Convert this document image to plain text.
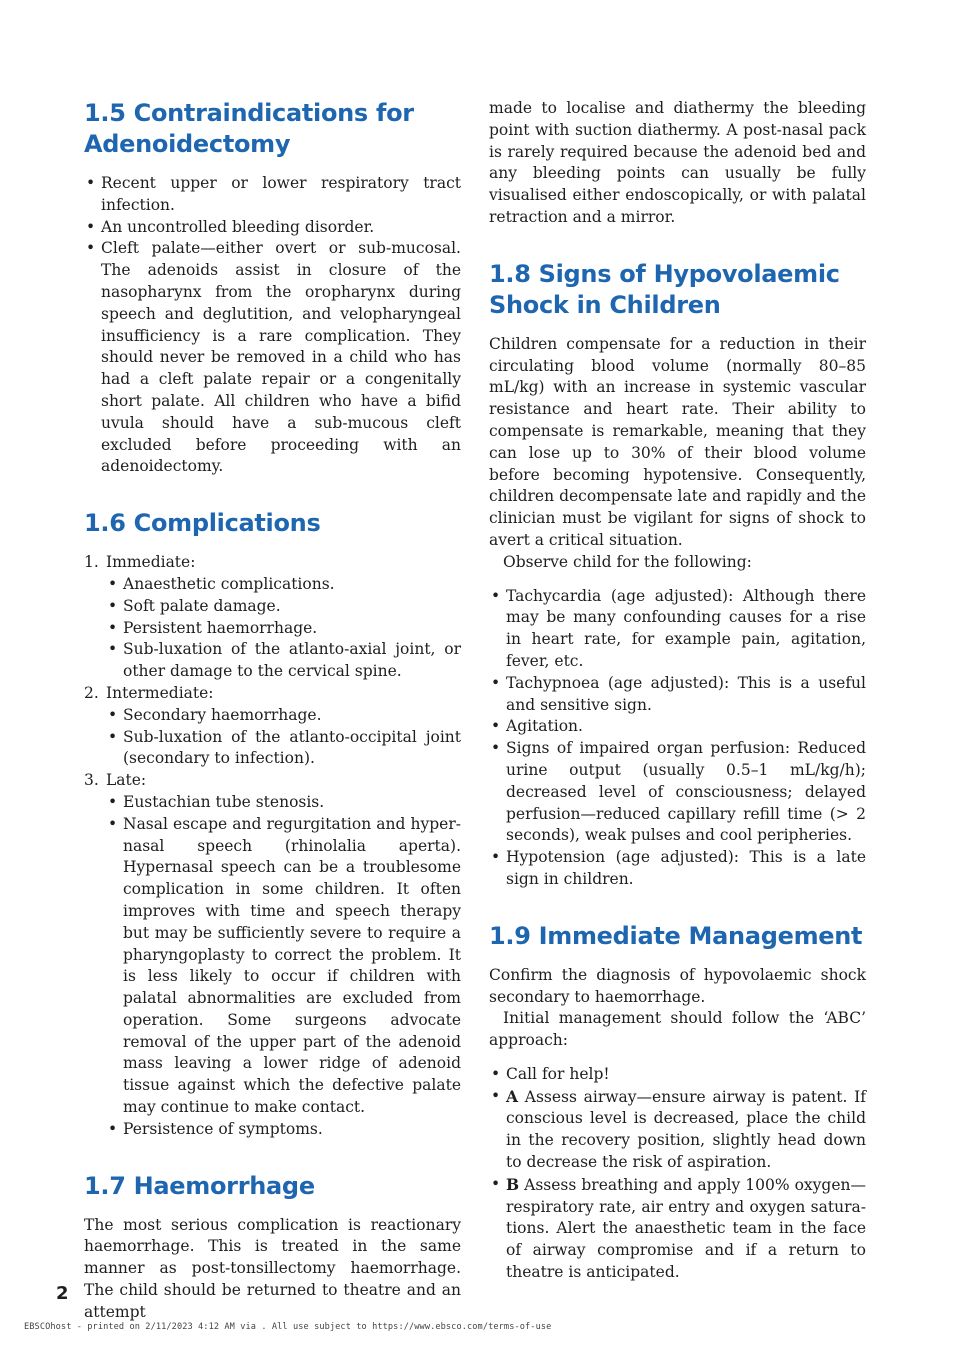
1.5 Contraindications for Adenoidectomy
• Recent upper or lower respiratory tract infection.
• An uncontrolled bleeding disorder.
• Cleft palate—either overt or sub-mucosal. The adenoids assist in closure of the nasopharynx from the oropharynx during speech and deglutition, and velopharyngeal insufficiency is a rare complication. They should never be removed in a child who has had a cleft palate repair or a congenitally short palate. All children who have a bifid uvula should have a sub-mucous cleft excluded before proceeding with an adenoidectomy.
1.6 Complications
1. Immediate:
• Anaesthetic complications.
• Soft palate damage.
• Persistent haemorrhage.
• Sub-luxation of the atlanto-axial joint, or other damage to the cervical spine.
2. Intermediate:
• Secondary haemorrhage.
• Sub-luxation of the atlanto-occipital joint (secondary to infection).
3. Late:
• Eustachian tube stenosis.
• Nasal escape and regurgitation and hypernasal speech (rhinolalia aperta). Hypernasal speech can be a troublesome complication in some children. It often improves with time and speech therapy but may be sufficiently severe to require a pharyngoplasty to correct the problem. It is less likely to occur if children with palatal abnormalities are excluded from operation. Some surgeons advocate removal of the upper part of the adenoid mass leaving a lower ridge of adenoid tissue against which the defective palate may continue to make contact.
• Persistence of symptoms.
1.7 Haemorrhage

The most serious complication is reactionary haemorrhage. This is treated in the same manner as post-tonsillectomy haemorrhage. The child should be returned to theatre and an attempt

made to localise and diathermy the bleeding point with suction diathermy. A post-nasal pack is rarely required because the adenoid bed and any bleeding points can usually be fully visualised either endoscopically, or with palatal retraction and a mirror.

1.8 Signs of Hypovolaemic Shock in Children

Children compensate for a reduction in their circulating blood volume (normally 80–85 mL/kg) with an increase in systemic vascular resistance and heart rate. Their ability to compensate is remarkable, meaning that they can lose up to 30% of their blood volume before becoming hypotensive. Consequently, children decompensate late and rapidly and the clinician must be vigilant for signs of shock to avert a critical situation.

Observe child for the following:

• Tachycardia (age adjusted): Although there may be many confounding causes for a rise in heart rate, for example pain, agitation, fever, etc.
• Tachypnoea (age adjusted): This is a useful and sensitive sign.
• Agitation.
• Signs of impaired organ perfusion: Reduced urine output (usually 0.5–1 mL/kg/h); decreased level of consciousness; delayed perfusion—reduced capillary refill time (> 2 seconds), weak pulses and cool peripheries.
• Hypotension (age adjusted): This is a late sign in children.
1.9 Immediate Management

Confirm the diagnosis of hypovolaemic shock secondary to haemorrhage.

Initial management should follow the ‘ABC’ approach:

• Call for help!
• A Assess airway—ensure airway is patent. If conscious level is decreased, place the child in the recovery position, slightly head down to decrease the risk of aspiration.
• B Assess breathing and apply 100% oxygen—respiratory rate, air entry and oxygen saturations. Alert the anaesthetic team in the face of airway compromise and if a return to theatre is anticipated.
2
EBSCOhost - printed on 2/11/2023 4:12 AM via . All use subject to https://www.ebsco.com/terms-of-use
